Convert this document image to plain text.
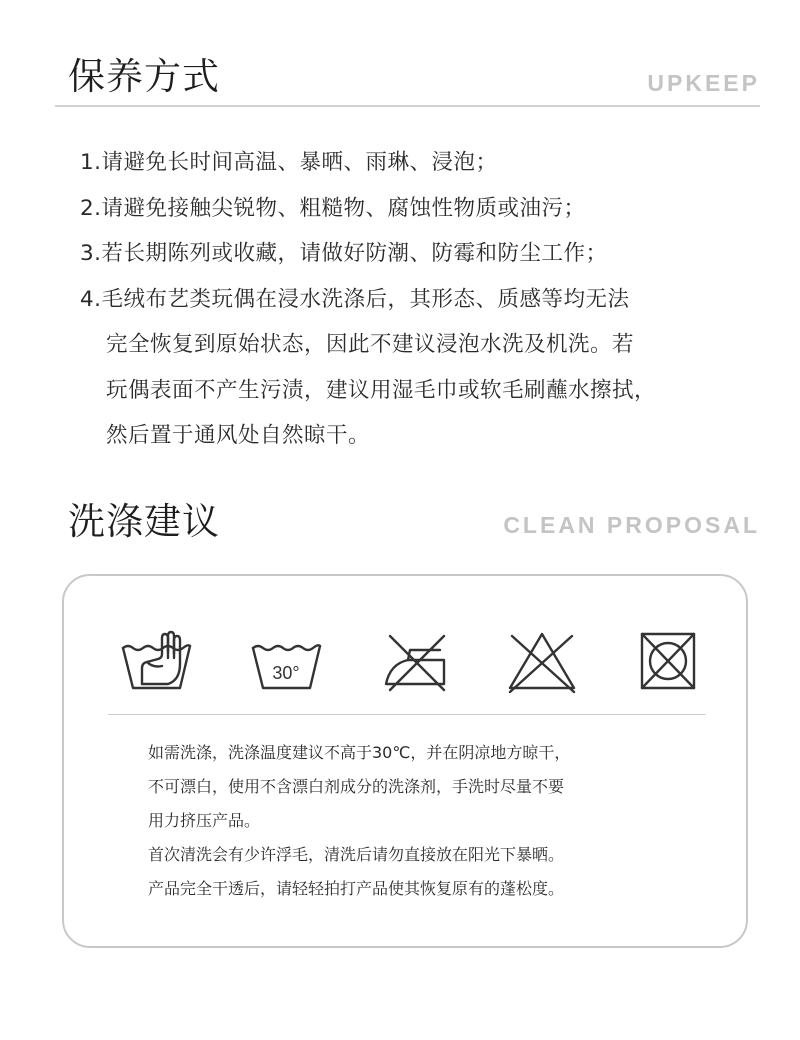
保养方式	UPKEEP
1.请避免长时间高温、暴晒、雨琳、浸泡；
2.请避免接触尖锐物、粗糙物、腐蚀性物质或油污；
3.若长期陈列或收藏，请做好防潮、防霉和防尘工作；
4.毛绒布艺类玩偶在浸水洗涤后，其形态、质感等均无法
完全恢复到原始状态，因此不建议浸泡水洗及机洗。若
玩偶表面不产生污渍，建议用湿毛巾或软毛刷蘸水擦拭，
然后置于通风处自然晾干。
洗涤建议	CLEAN PROPOSAL
30°

如需洗涤，洗涤温度建议不高于30℃，并在阴凉地方晾干，

不可漂白，使用不含漂白剂成分的洗涤剂，手洗时尽量不要

用力挤压产品。

首次清洗会有少许浮毛，清洗后请勿直接放在阳光下暴晒。

产品完全干透后，请轻轻拍打产品使其恢复原有的蓬松度。
